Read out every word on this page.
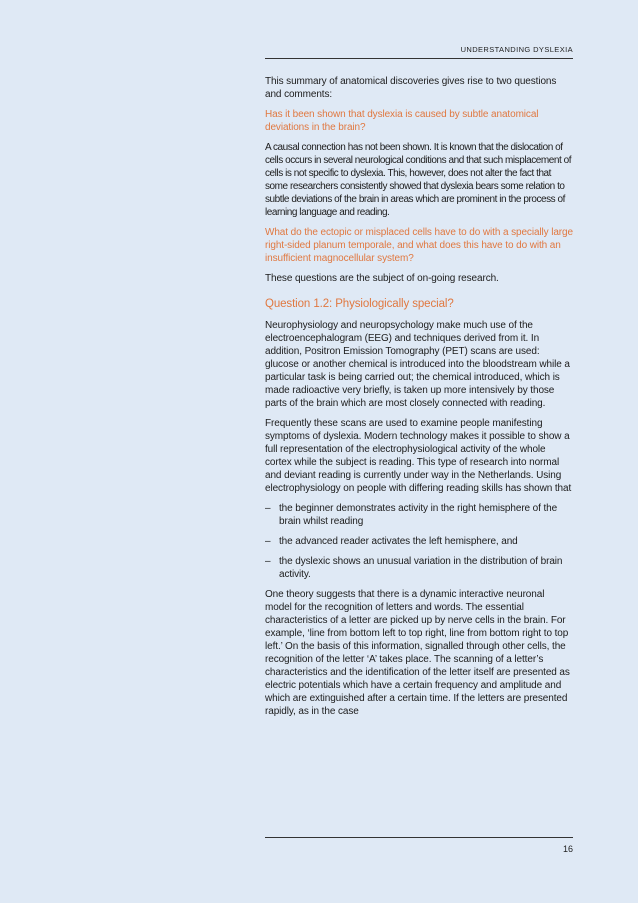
UNDERSTANDING DYSLEXIA

This summary of anatomical discoveries gives rise to two questions and comments:

Has it been shown that dyslexia is caused by subtle anatomical deviations in the brain?

A causal connection has not been shown. It is known that the dislocation of cells occurs in several neurological conditions and that such misplacement of cells is not specific to dyslexia. This, however, does not alter the fact that some researchers consistently showed that dyslexia bears some relation to subtle deviations of the brain in areas which are prominent in the process of learning language and reading.

What do the ectopic or misplaced cells have to do with a specially large right-sided planum temporale, and what does this have to do with an insufficient magnocellular system?

These questions are the subject of on-going research.

Question 1.2: Physiologically special?

Neurophysiology and neuropsychology make much use of the electroencephalogram (EEG) and techniques derived from it. In addition, Positron Emission Tomography (PET) scans are used: glucose or another chemical is introduced into the bloodstream while a particular task is being carried out; the chemical introduced, which is made radioactive very briefly, is taken up more intensively by those parts of the brain which are most closely connected with reading.

Frequently these scans are used to examine people manifesting symptoms of dyslexia. Modern technology makes it possible to show a full representation of the electrophysiological activity of the whole cortex while the subject is reading. This type of research into normal and deviant reading is currently under way in the Netherlands. Using electrophysiology on people with differing reading skills has shown that

– the beginner demonstrates activity in the right hemisphere of the brain whilst reading
– the advanced reader activates the left hemisphere, and
– the dyslexic shows an unusual variation in the distribution of brain activity.

One theory suggests that there is a dynamic interactive neuronal model for the recognition of letters and words. The essential characteristics of a letter are picked up by nerve cells in the brain. For example, ‘line from bottom left to top right, line from bottom right to top left.’ On the basis of this information, signalled through other cells, the recognition of the letter ‘A’ takes place. The scanning of a letter’s characteristics and the identification of the letter itself are presented as electric potentials which have a certain frequency and amplitude and which are extinguished after a certain time. If the letters are presented rapidly, as in the case

16
